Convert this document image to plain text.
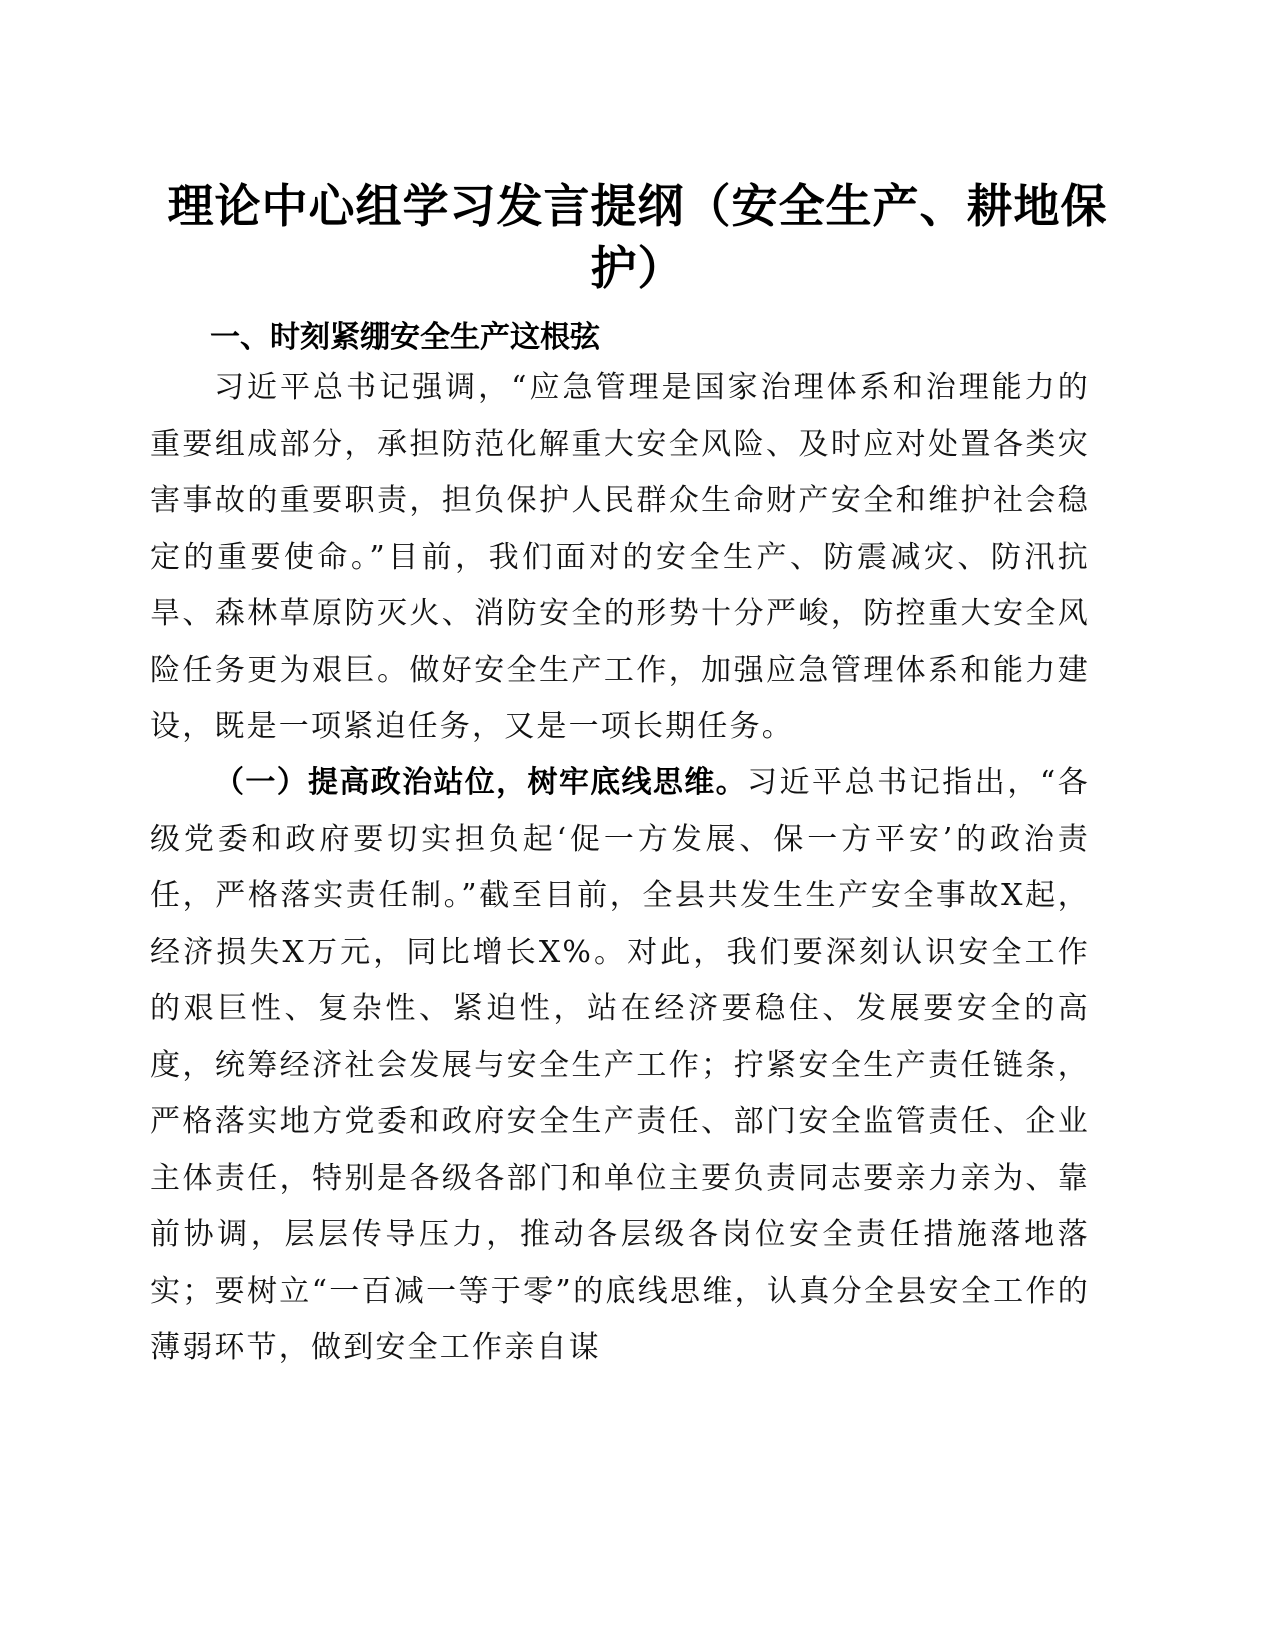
理论中心组学习发言提纲（安全生产、耕地保护）
一、时刻紧绷安全生产这根弦

习近平总书记强调，“应急管理是国家治理体系和治理能力的重要组成部分，承担防范化解重大安全风险、及时应对处置各类灾害事故的重要职责，担负保护人民群众生命财产安全和维护社会稳定的重要使命。”目前，我们面对的安全生产、防震减灾、防汛抗旱、森林草原防灭火、消防安全的形势十分严峻，防控重大安全风险任务更为艰巨。做好安全生产工作，加强应急管理体系和能力建设，既是一项紧迫任务，又是一项长期任务。

（一）提高政治站位，树牢底线思维。习近平总书记指出，“各级党委和政府要切实担负起‘促一方发展、保一方平安’的政治责任，严格落实责任制。”截至目前，全县共发生生产安全事故X起，经济损失X万元，同比增长X%。对此，我们要深刻认识安全工作的艰巨性、复杂性、紧迫性，站在经济要稳住、发展要安全的高度，统筹经济社会发展与安全生产工作；拧紧安全生产责任链条，严格落实地方党委和政府安全生产责任、部门安全监管责任、企业主体责任，特别是各级各部门和单位主要负责同志要亲力亲为、靠前协调，层层传导压力，推动各层级各岗位安全责任措施落地落实；要树立“一百减一等于零”的底线思维，认真分全县安全工作的薄弱环节，做到安全工作亲自谋
